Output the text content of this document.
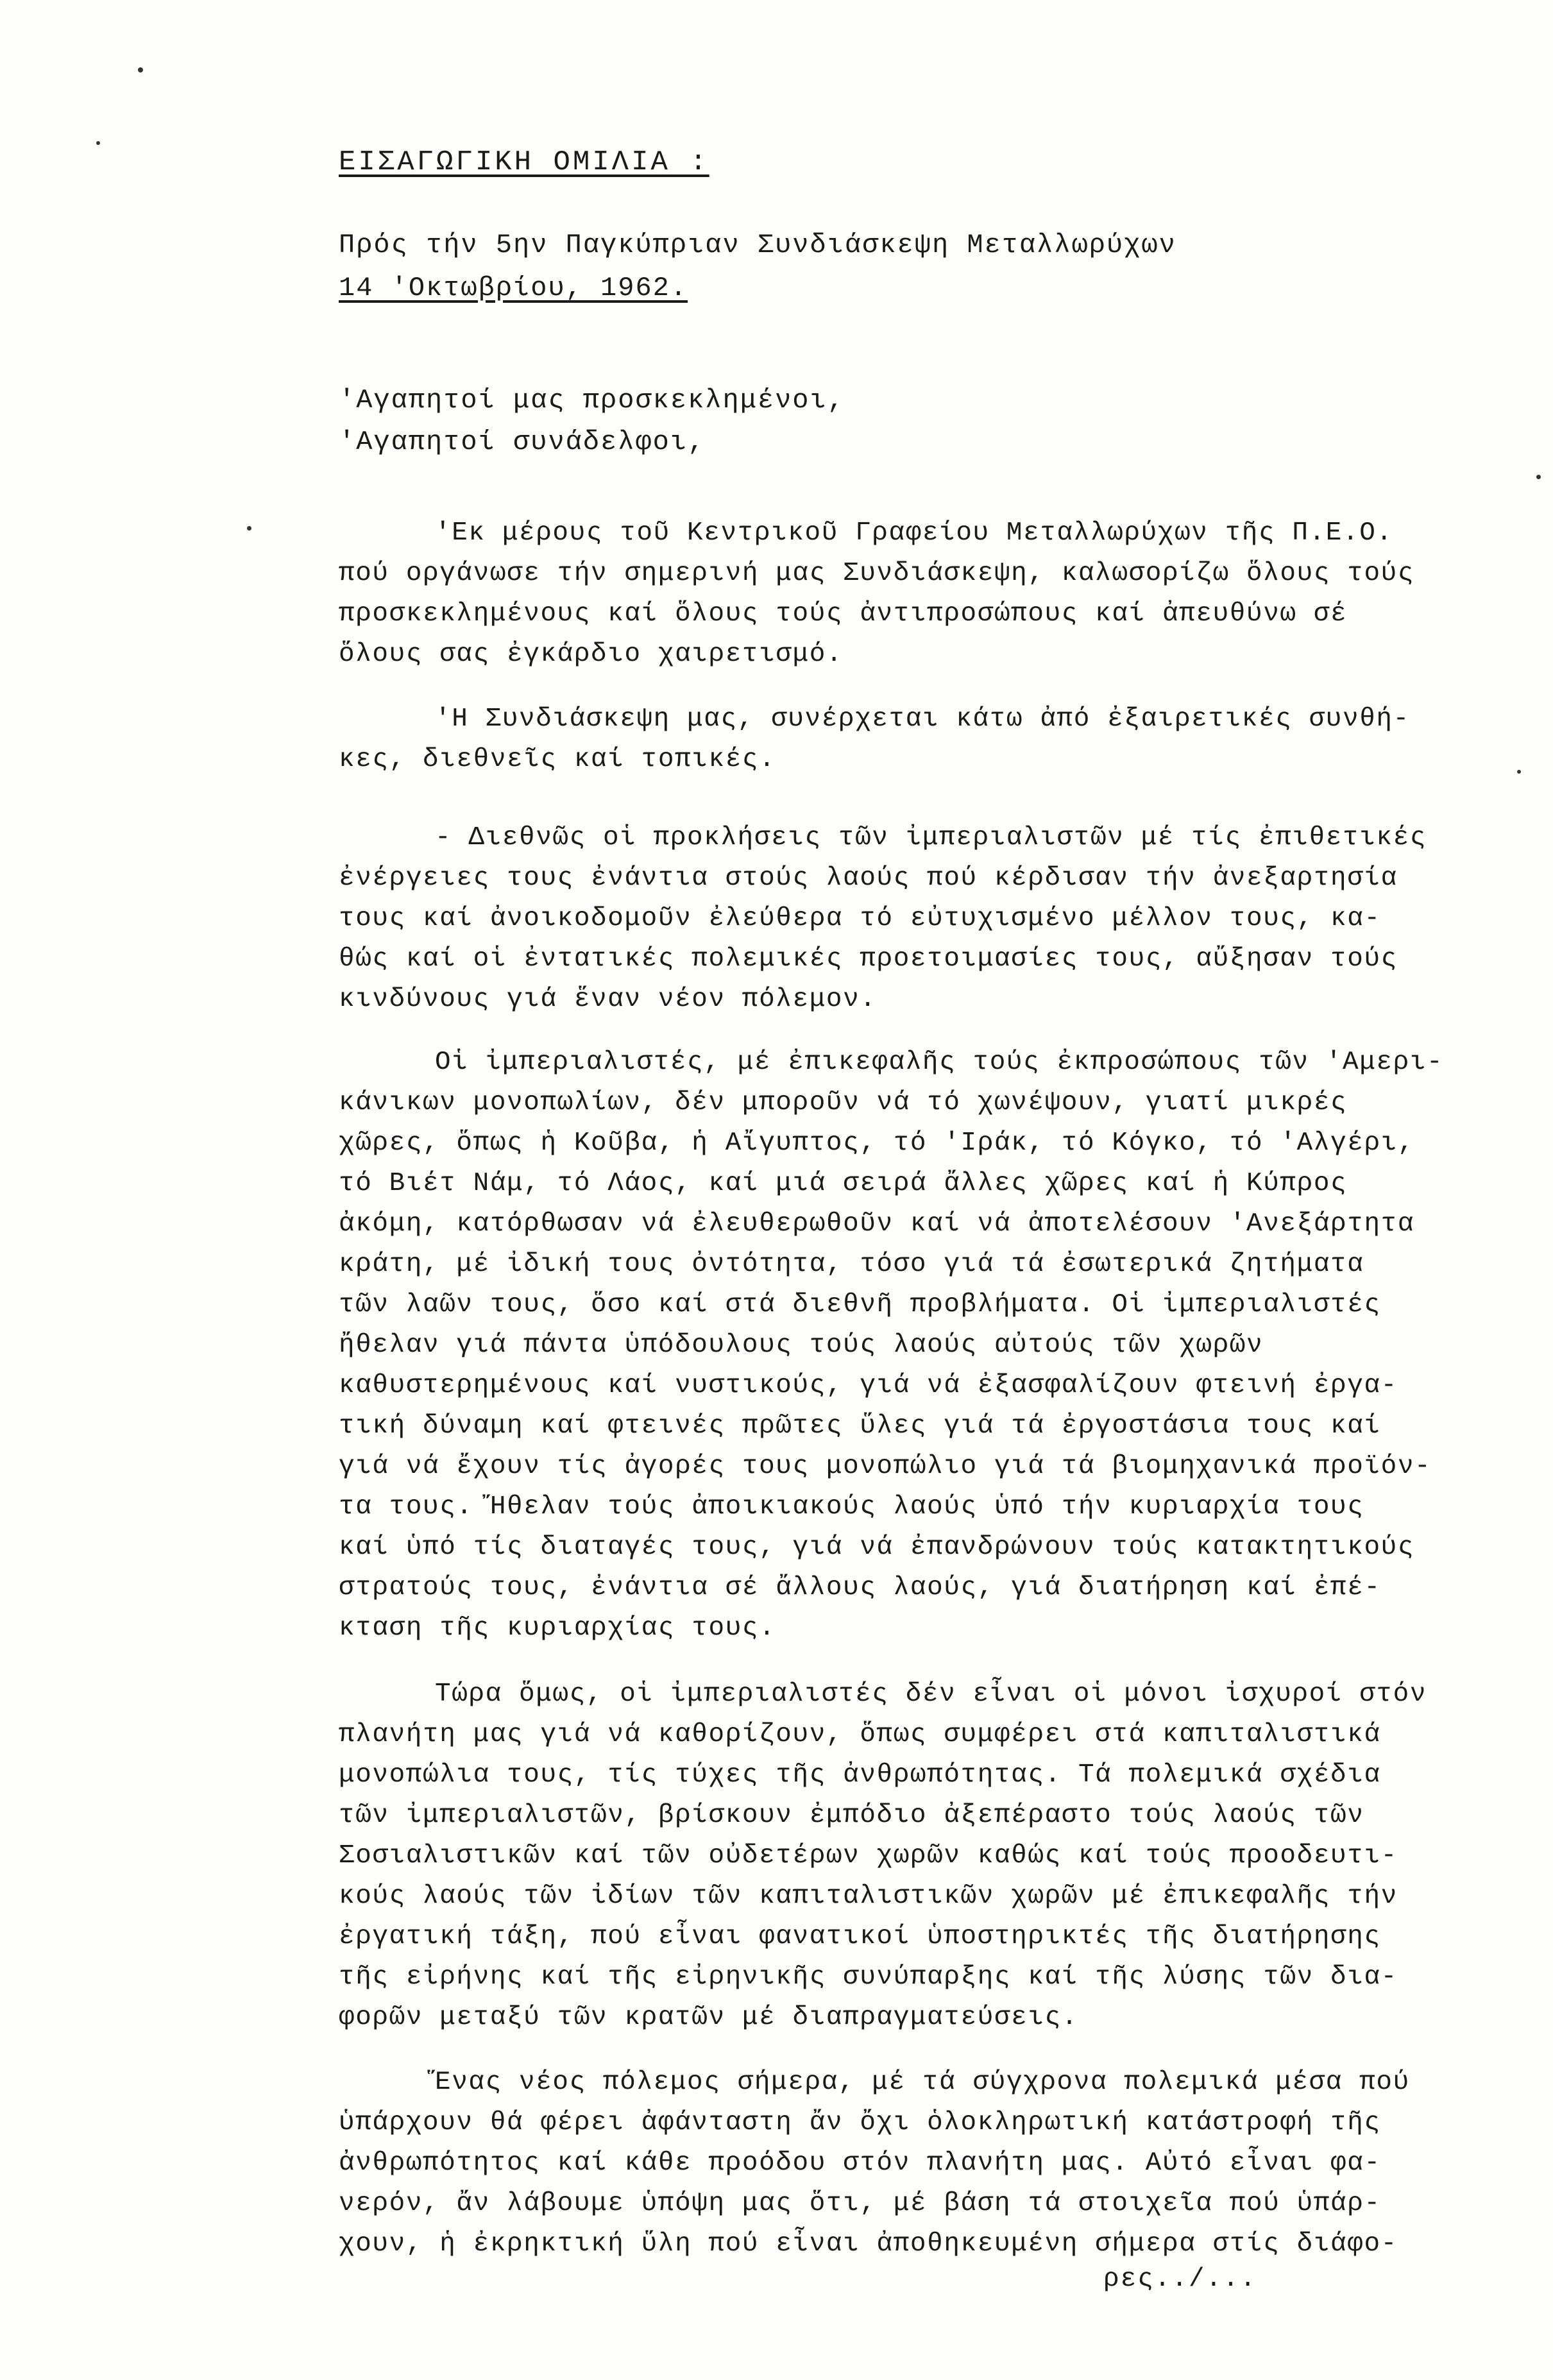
ΕΙΣΑΓΩΓΙΚΗ ΟΜΙΛΙΑ :
Πρός τήν 5ην Παγκύπριαν Συνδιάσκεψη Μεταλλωρύχων
14 'Οκτωβρίου, 1962.
'Αγαπητοί μας προσκεκλημένοι,
'Αγαπητοί συνάδελφοι,
'Εκ μέρους τοῦ Κεντρικοῦ Γραφείου Μεταλλωρύχων τῆς Π.Ε.Ο.
πού οργάνωσε τήν σημερινή μας Συνδιάσκεψη, καλωσορίζω ὅλους τούς
προσκεκλημένους καί ὅλους τούς ἀντιπροσώπους καί ἀπευθύνω σέ
ὅλους σας ἐγκάρδιο χαιρετισμό.
'Η Συνδιάσκεψη μας, συνέρχεται κάτω ἀπό ἐξαιρετικές συνθή-
κες, διεθνεῖς καί τοπικές.
- Διεθνῶς οἱ προκλήσεις τῶν ἰμπεριαλιστῶν μέ τίς ἐπιθετικές
ἐνέργειες τους ἐνάντια στούς λαούς πού κέρδισαν τήν ἀνεξαρτησία
τους καί ἀνοικοδομοῦν ἐλεύθερα τό εὐτυχισμένο μέλλον τους, κα-
θώς καί οἱ ἐντατικές πολεμικές προετοιμασίες τους, αὔξησαν τούς
κινδύνους γιά ἕναν νέον πόλεμον.
Οἱ ἰμπεριαλιστές, μέ ἐπικεφαλῆς τούς ἐκπροσώπους τῶν 'Αμερι-
κάνικων μονοπωλίων, δέν μποροῦν νά τό χωνέψουν, γιατί μικρές
χῶρες, ὅπως ἡ Κοῦβα, ἡ Αἴγυπτος, τό 'Ιράκ, τό Κόγκο, τό 'Αλγέρι,
τό Βιέτ Νάμ, τό Λάος, καί μιά σειρά ἄλλες χῶρες καί ἡ Κύπρος
ἀκόμη, κατόρθωσαν νά ἐλευθερωθοῦν καί νά ἀποτελέσουν 'Ανεξάρτητα
κράτη, μέ ἰδική τους ὀντότητα, τόσο γιά τά ἐσωτερικά ζητήματα
τῶν λαῶν τους, ὅσο καί στά διεθνῆ προβλήματα. Οἱ ἰμπεριαλιστές
ἤθελαν γιά πάντα ὑπόδουλους τούς λαούς αὐτούς τῶν χωρῶν
καθυστερημένους καί νυστικούς, γιά νά ἐξασφαλίζουν φτεινή ἐργα-
τική δύναμη καί φτεινές πρῶτες ὕλες γιά τά ἐργοστάσια τους καί
γιά νά ἔχουν τίς ἀγορές τους μονοπώλιο γιά τά βιομηχανικά προϊόν-
τα τους. Ἤθελαν τούς ἀποικιακούς λαούς ὑπό τήν κυριαρχία τους
καί ὑπό τίς διαταγές τους, γιά νά ἐπανδρώνουν τούς κατακτητικούς
στρατούς τους, ἐνάντια σέ ἄλλους λαούς, γιά διατήρηση καί ἐπέ-
κταση τῆς κυριαρχίας τους.
Τώρα ὅμως, οἱ ἰμπεριαλιστές δέν εἶναι οἱ μόνοι ἰσχυροί στόν
πλανήτη μας γιά νά καθορίζουν, ὅπως συμφέρει στά καπιταλιστικά
μονοπώλια τους, τίς τύχες τῆς ἀνθρωπότητας. Τά πολεμικά σχέδια
τῶν ἰμπεριαλιστῶν, βρίσκουν ἐμπόδιο ἀξεπέραστο τούς λαούς τῶν
Σοσιαλιστικῶν καί τῶν οὐδετέρων χωρῶν καθώς καί τούς προοδευτι-
κούς λαούς τῶν ἰδίων τῶν καπιταλιστικῶν χωρῶν μέ ἐπικεφαλῆς τήν
ἐργατική τάξη, πού εἶναι φανατικοί ὑποστηρικτές τῆς διατήρησης
τῆς εἰρήνης καί τῆς εἰρηνικῆς συνύπαρξης καί τῆς λύσης τῶν δια-
φορῶν μεταξύ τῶν κρατῶν μέ διαπραγματεύσεις.
Ἕνας νέος πόλεμος σήμερα, μέ τά σύγχρονα πολεμικά μέσα πού
ὑπάρχουν θά φέρει ἀφάνταστη ἄν ὄχι ὁλοκληρωτική κατάστροφή τῆς
ἀνθρωπότητος καί κάθε προόδου στόν πλανήτη μας. Αὐτό εἶναι φα-
νερόν, ἄν λάβουμε ὑπόψη μας ὅτι, μέ βάση τά στοιχεῖα πού ὑπάρ-
χουν, ἡ ἐκρηκτική ὕλη πού εἶναι ἀποθηκευμένη σήμερα στίς διάφο-
ρες../...
